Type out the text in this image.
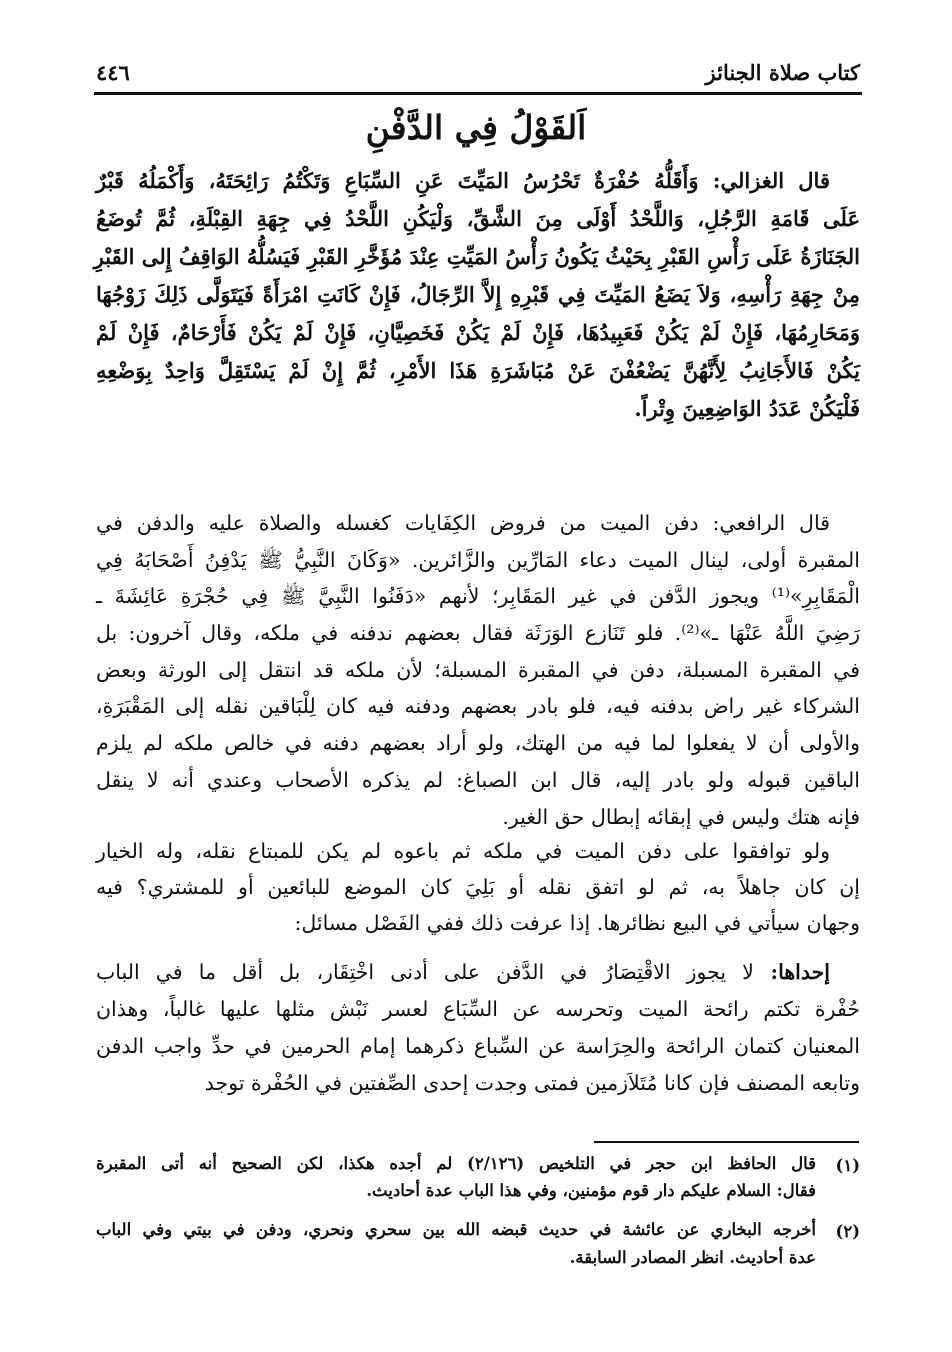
كتاب صلاة الجنائز
٤٤٦
اَلقَوْلُ فِي الدَّفْنِ
قال الغزالي: وَأَقَلُّهُ حُفْرَةٌ تَحْرُسُ المَيِّتَ عَنِ السِّبَاعِ وَتَكْتُمُ رَائِحَتَهُ، وَأَكْمَلُهُ قَبْرٌ
عَلَى قَامَةِ الرَّجُلِ، وَاللَّحْدُ أَوْلَى مِنَ الشَّقِّ، وَلْيَكُنِ اللَّحْدُ فِي جِهَةِ القِبْلَةِ، ثُمَّ تُوضَعُ
الجَنَازَةُ عَلَى رَأْسِ القَبْرِ بِحَيْثُ يَكُونُ رَأْسُ المَيِّتِ عِنْدَ مُؤَخَّرِ القَبْرِ فَيَسُلُّهُ الوَاقِفُ إِلى القَبْرِ
مِنْ جِهَةِ رَأْسِهِ، وَلاَ يَضَعُ المَيِّتَ فِي قَبْرِهِ إِلاَّ الرِّجَالُ، فَإِنْ كَانَتِ امْرَأَةً فَيَتَوَلَّى ذَلِكَ زَوْجُهَا
وَمَحَارِمُهَا، فَإِنْ لَمْ يَكُنْ فَعَبِيدُهَا، فَإِنْ لَمْ يَكُنْ فَخَصِيَّانِ، فَإِنْ لَمْ يَكُنْ فَأَرْحَامٌ، فَإِنْ لَمْ
يَكُنْ فَالأَجَانِبُ لِأَنَّهُنَّ يَضْعُفْنَ عَنْ مُبَاشَرَةِ هَذَا الأَمْرِ، ثُمَّ إِنْ لَمْ يَسْتَقِلَّ وَاحِدٌ بِوَضْعِهِ
فَلْيَكُنْ عَدَدُ الوَاضِعِينَ وِتْراً.
قال الرافعي: دفن الميت من فروض الكِفَايات كغسله والصلاة عليه والدفن في
المقبرة أولى، لينال الميت دعاء المَارِّين والزَّائرين. «وَكَانَ النَّبِيُّ ﷺ يَدْفِنُ أَصْحَابَهُ فِي
الْمَقَابِرِ»⁽¹⁾ ويجوز الدَّفن في غير المَقَابِر؛ لأنهم «دَفَنُوا النَّبِيَّ ﷺ فِي حُجْرَةِ عَائِشَةَ ـ
رَضِيَ اللَّهُ عَنْهَا ـ»⁽²⁾. فلو تَنَازع الوَرَثَة فقال بعضهم ندفنه في ملكه، وقال آخرون: بل
في المقبرة المسبلة، دفن في المقبرة المسبلة؛ لأن ملكه قد انتقل إلى الورثة وبعض
الشركاء غير راض بدفنه فيه، فلو بادر بعضهم ودفنه فيه كان لِلْبَاقين نقله إلى المَقْبَرَةِ،
والأولى أن لا يفعلوا لما فيه من الهتك، ولو أراد بعضهم دفنه في خالص ملكه لم يلزم
الباقين قبوله ولو بادر إليه، قال ابن الصباغ: لم يذكره الأصحاب وعندي أنه لا ينقل
فإنه هتك وليس في إبقائه إبطال حق الغير.
ولو توافقوا على دفن الميت في ملكه ثم باعوه لم يكن للمبتاع نقله، وله الخيار
إن كان جاهلاً به، ثم لو اتفق نقله أو بَلِيَ كان الموضع للبائعين أو للمشتري؟ فيه
وجهان سيأتي في البيع نظائرها. إذا عرفت ذلك ففي الفَصْل مسائل:
إحداها: لا يجوز الاقْتِصَارُ في الدَّفن على أدنى اخْتِقَار، بل أقل ما في الباب
حُفْرة تكتم رائحة الميت وتحرسه عن السِّبَاع لعسر نَبْش مثلها عليها غالباً، وهذان
المعنيان كتمان الرائحة والحِرَاسة عن السِّباع ذكرهما إمام الحرمين في حدِّ واجب الدفن
وتابعه المصنف فإن كانا مُتَلاَزمين فمتى وجدت إحدى الصِّفتين في الحُفْرة توجد
(١)
قال الحافظ ابن حجر في التلخيص (٢/١٢٦) لم أجده هكذا، لكن الصحيح أنه أتى المقبرة
فقال: السلام عليكم دار قوم مؤمنين، وفي هذا الباب عدة أحاديث.
(٢)
أخرجه البخاري عن عائشة في حديث قبضه الله بين سحري ونحري، ودفن في بيتي وفي الباب
عدة أحاديث. انظر المصادر السابقة.
